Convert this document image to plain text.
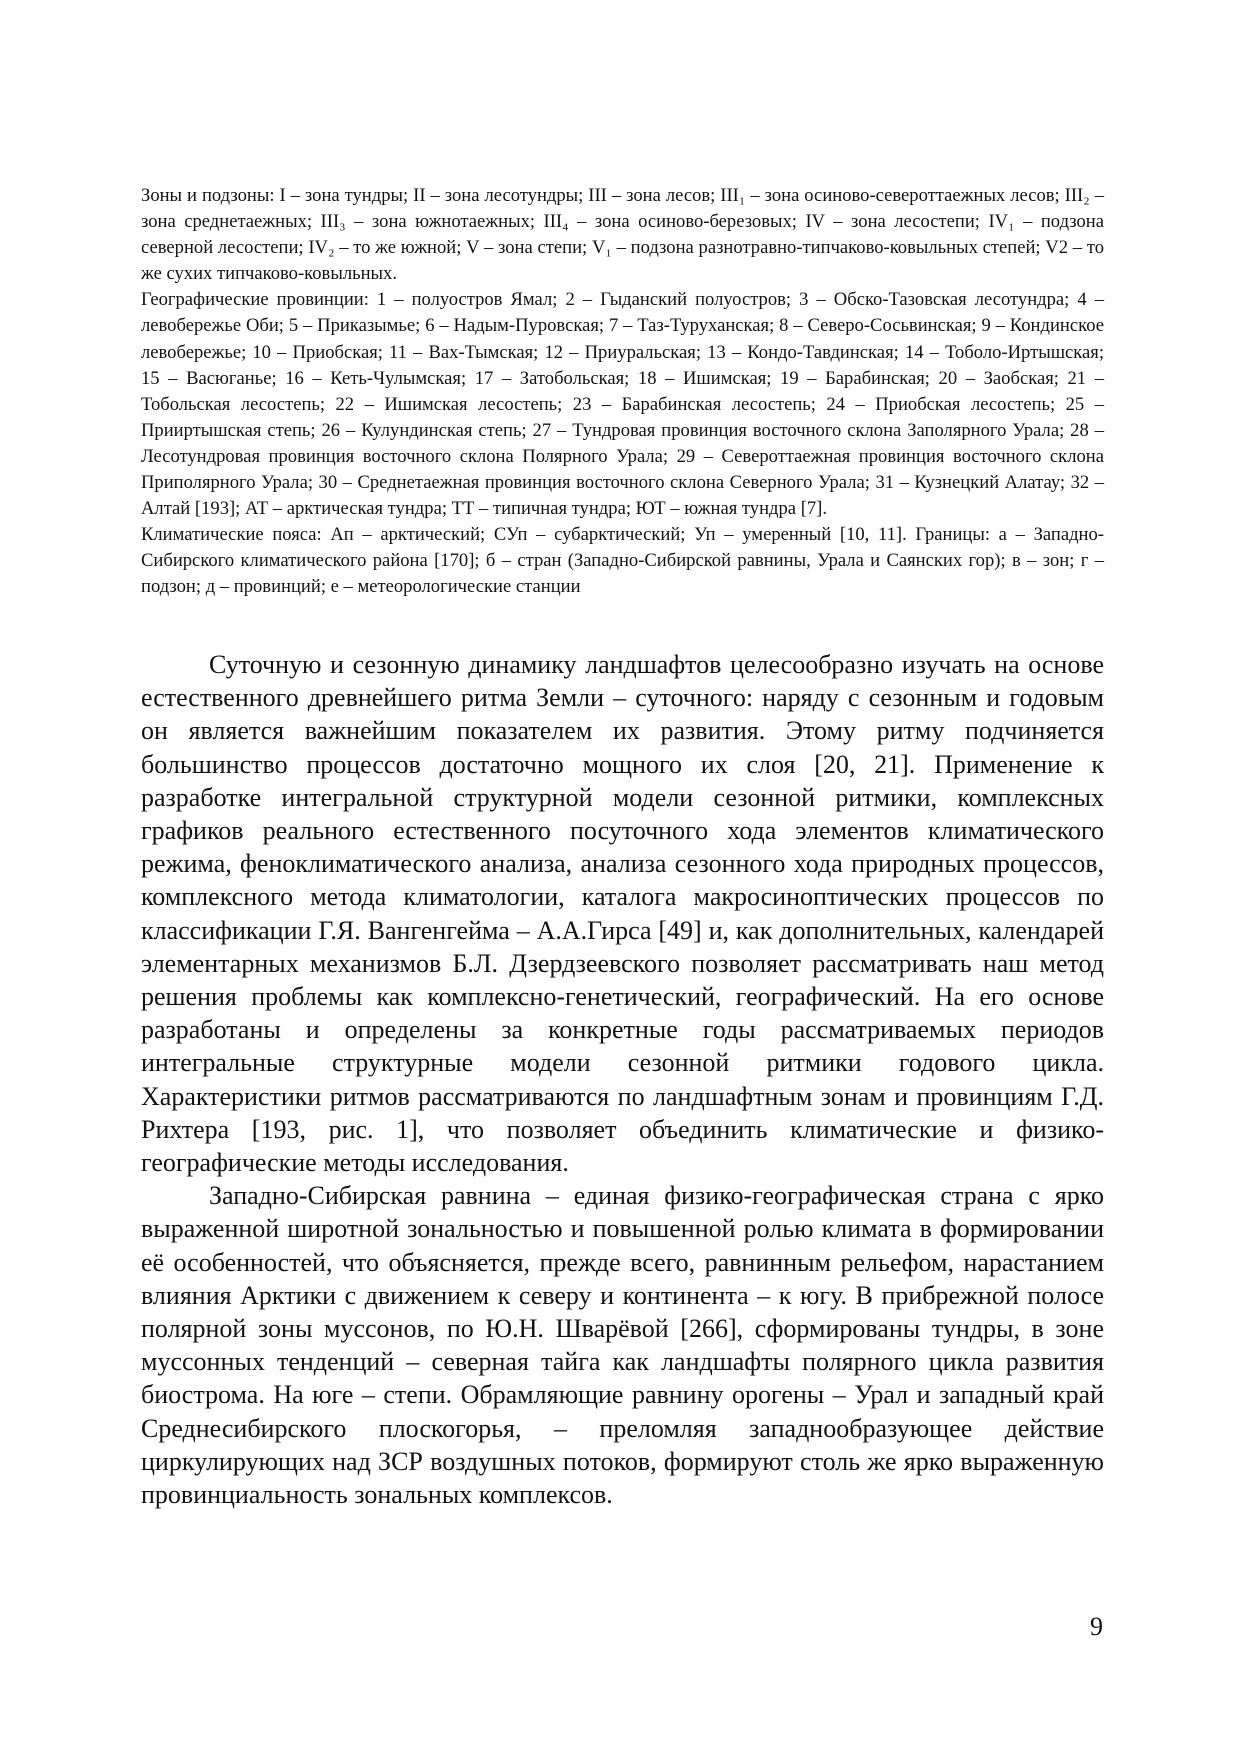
Зоны и подзоны: I – зона тундры; II – зона лесотундры; III – зона лесов; III₁ – зона осиново-североттаежных лесов; III₂ – зона среднетаежных; III₃ – зона южнотаежных; III₄ – зона осиново-березовых; IV – зона лесостепи; IV₁ – подзона северной лесостепи; IV₂ – то же южной; V – зона степи; V₁ – подзона разнотравно-типчаково-ковыльных степей; V2 – то же сухих типчаково-ковыльных.

Географические провинции: 1 – полуостров Ямал; 2 – Гыданский полуостров; 3 – Обско-Тазовская лесотундра; 4 – левобережье Оби; 5 – Приказымье; 6 – Надым-Пуровская; 7 – Таз-Туруханская; 8 – Северо-Сосьвинская; 9 – Кондинское левобережье; 10 – Приобская; 11 – Вах-Тымская; 12 – Приуральская; 13 – Кондо-Тавдинская; 14 – Тоболо-Иртышская; 15 – Васюганье; 16 – Кеть-Чулымская; 17 – Затобольская; 18 – Ишимская; 19 – Барабинская; 20 – Заобская; 21 – Тобольская лесостепь; 22 – Ишимская лесостепь; 23 – Барабинская лесостепь; 24 – Приобская лесостепь; 25 – Прииртышская степь; 26 – Кулундинская степь; 27 – Тундровая провинция восточного склона Заполярного Урала; 28 – Лесотундровая провинция восточного склона Полярного Урала; 29 – Североттаежная провинция восточного склона Приполярного Урала; 30 – Среднетаежная провинция восточного склона Северного Урала; 31 – Кузнецкий Алатау; 32 – Алтай [193]; АТ – арктическая тундра; ТТ – типичная тундра; ЮТ – южная тундра [7].

Климатические пояса: Ап – арктический; СУп – субарктический; Уп – умеренный [10, 11]. Границы: а – Западно-Сибирского климатического района [170]; б – стран (Западно-Сибирской равнины, Урала и Саянских гор); в – зон; г – подзон; д – провинций; е – метеорологические станции

Суточную и сезонную динамику ландшафтов целесообразно изучать на основе естественного древнейшего ритма Земли – суточного: наряду с сезонным и годовым он является важнейшим показателем их развития. Этому ритму подчиняется большинство процессов достаточно мощного их слоя [20, 21]. Применение к разработке интегральной структурной модели сезонной ритмики, комплексных графиков реального естественного посуточного хода элементов климатического режима, феноклиматического анализа, анализа сезонного хода природных процессов, комплексного метода климатологии, каталога макросиноптических процессов по классификации Г.Я. Вангенгейма – А.А.Гирса [49] и, как дополнительных, календарей элементарных механизмов Б.Л. Дзердзеевского позволяет рассматривать наш метод решения проблемы как комплексно-генетический, географический. На его основе разработаны и определены за конкретные годы рассматриваемых периодов интегральные структурные модели сезонной ритмики годового цикла. Характеристики ритмов рассматриваются по ландшафтным зонам и провинциям Г.Д. Рихтера [193, рис. 1], что позволяет объединить климатические и физико-географические методы исследования.

Западно-Сибирская равнина – единая физико-географическая страна с ярко выраженной широтной зональностью и повышенной ролью климата в формировании её особенностей, что объясняется, прежде всего, равнинным рельефом, нарастанием влияния Арктики с движением к северу и континента – к югу. В прибрежной полосе полярной зоны муссонов, по Ю.Н. Шварёвой [266], сформированы тундры, в зоне муссонных тенденций – северная тайга как ландшафты полярного цикла развития биострома. На юге – степи. Обрамляющие равнину орогены – Урал и западный край Среднесибирского плоскогорья, – преломляя западнообразующее действие циркулирующих над ЗСР воздушных потоков, формируют столь же ярко выраженную провинциальность зональных комплексов.

9
